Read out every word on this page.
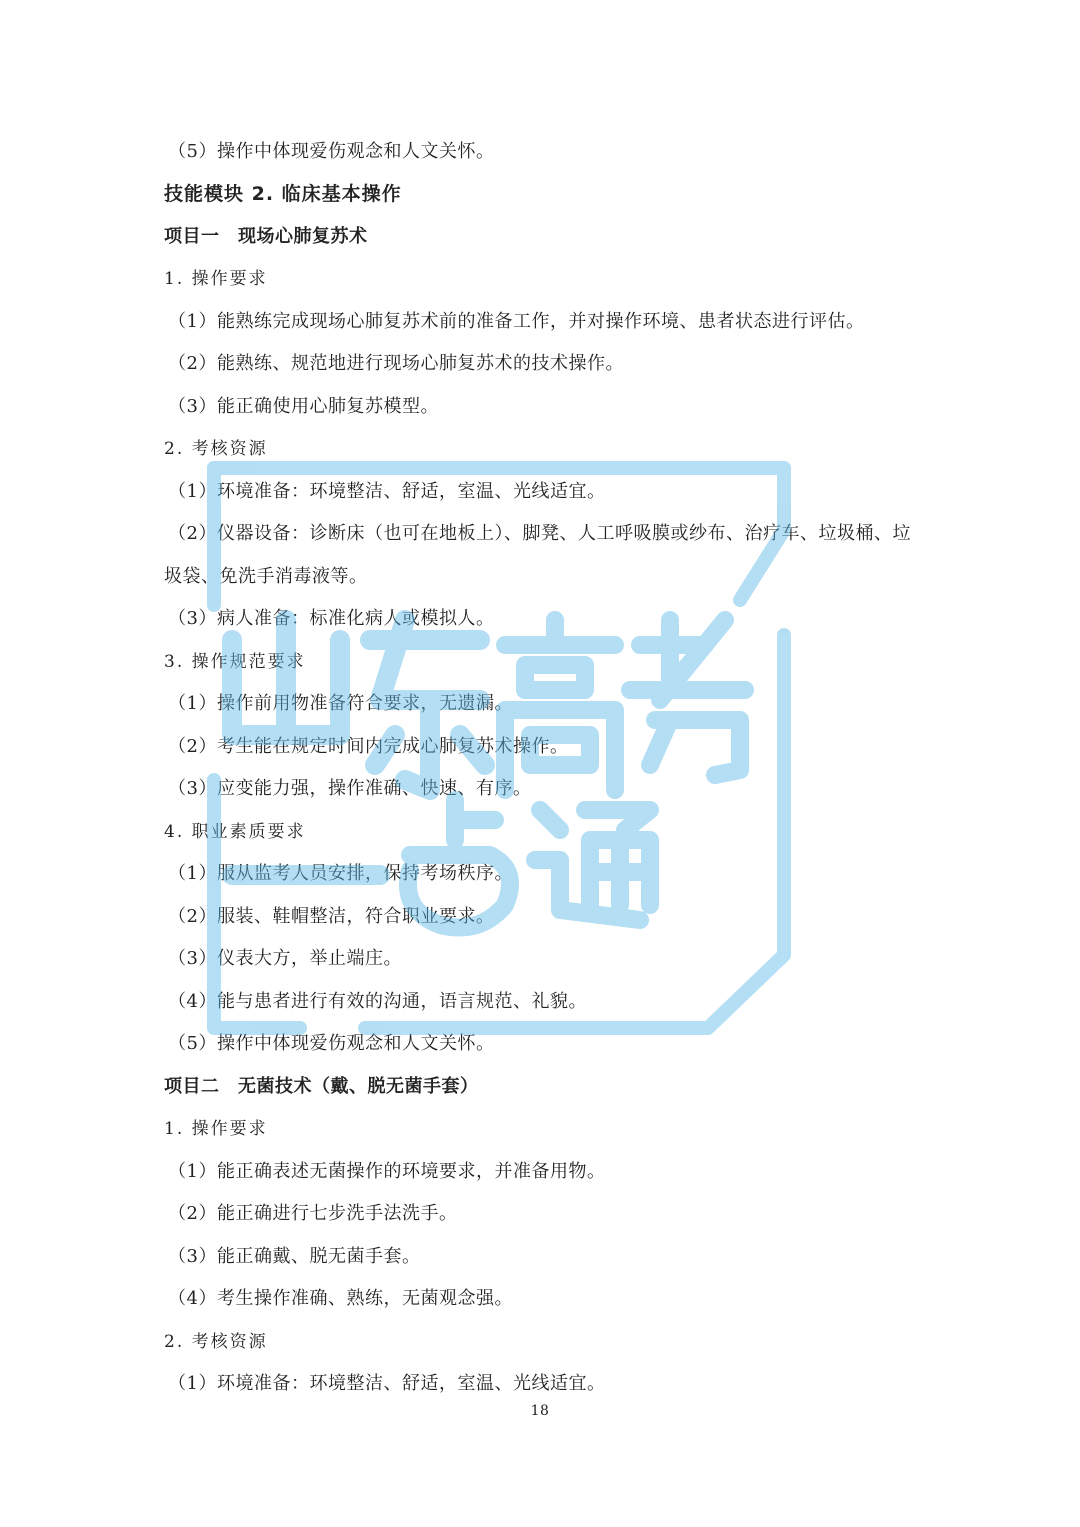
（5）操作中体现爱伤观念和人文关怀。
技能模块 2. 临床基本操作
项目一　现场心肺复苏术
1. 操作要求
（1）能熟练完成现场心肺复苏术前的准备工作，并对操作环境、患者状态进行评估。
（2）能熟练、规范地进行现场心肺复苏术的技术操作。
（3）能正确使用心肺复苏模型。
2. 考核资源
（1）环境准备：环境整洁、舒适，室温、光线适宜。
（2）仪器设备：诊断床（也可在地板上）、脚凳、人工呼吸膜或纱布、治疗车、垃圾桶、垃
圾袋、免洗手消毒液等。
（3）病人准备：标准化病人或模拟人。
3. 操作规范要求
（1）操作前用物准备符合要求，无遗漏。
（2）考生能在规定时间内完成心肺复苏术操作。
（3）应变能力强，操作准确、快速、有序。
4. 职业素质要求
（1）服从监考人员安排，保持考场秩序。
（2）服装、鞋帽整洁，符合职业要求。
（3）仪表大方，举止端庄。
（4）能与患者进行有效的沟通，语言规范、礼貌。
（5）操作中体现爱伤观念和人文关怀。
项目二　无菌技术（戴、脱无菌手套）
1. 操作要求
（1）能正确表述无菌操作的环境要求，并准备用物。
（2）能正确进行七步洗手法洗手。
（3）能正确戴、脱无菌手套。
（4）考生操作准确、熟练，无菌观念强。
2. 考核资源
（1）环境准备：环境整洁、舒适，室温、光线适宜。
18
